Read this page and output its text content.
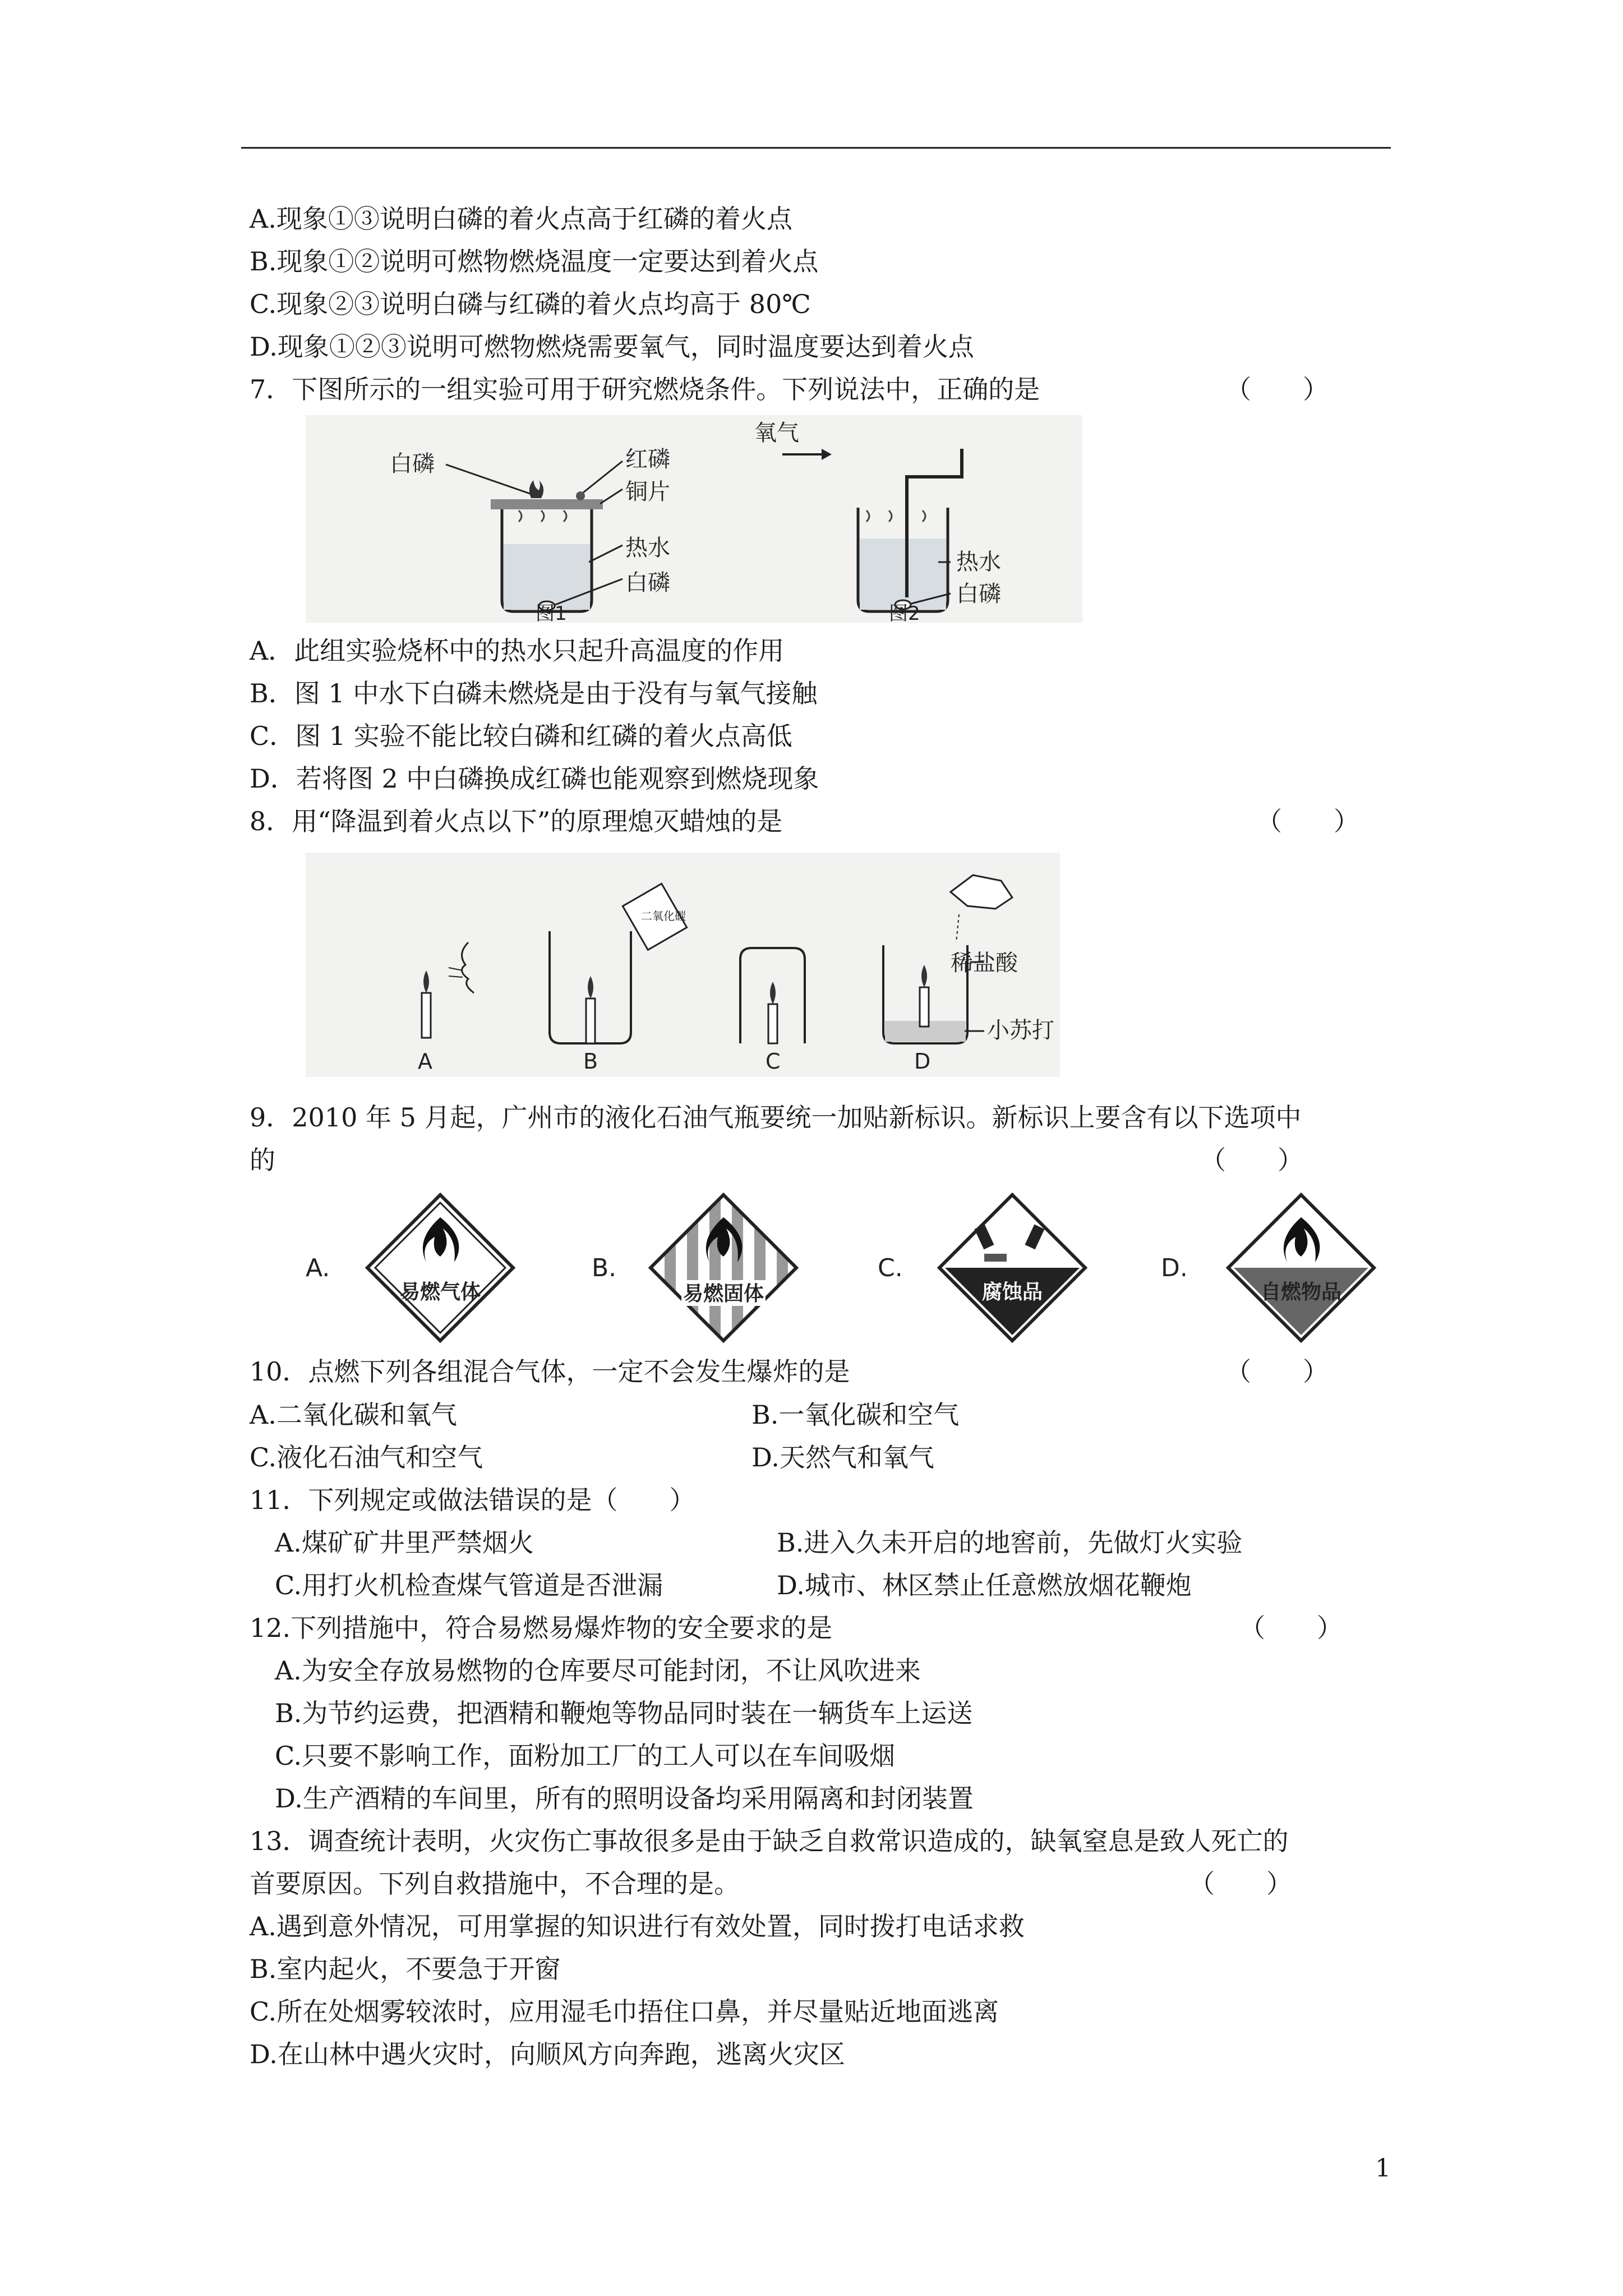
A.现象①③说明白磷的着火点高于红磷的着火点
B.现象①②说明可燃物燃烧温度一定要达到着火点
C.现象②③说明白磷与红磷的着火点均高于 80℃
D.现象①②③说明可燃物燃烧需要氧气，同时温度要达到着火点
7．下图所示的一组实验可用于研究燃烧条件。下列说法中，正确的是	（　　）
白磷	红磷
铜片
热水
白磷
图1
氧气
热水
白磷
图2
A．此组实验烧杯中的热水只起升高温度的作用
B．图 1 中水下白磷未燃烧是由于没有与氧气接触
C．图 1 实验不能比较白磷和红磷的着火点高低
D．若将图 2 中白磷换成红磷也能观察到燃烧现象
8．用“降温到着火点以下”的原理熄灭蜡烛的是	（　　）
A
二氧化碳
B	C
稀盐酸
小苏打
D
9．2010 年 5 月起，广州市的液化石油气瓶要统一加贴新标识。新标识上要含有以下选项中
的	（　　）
A.
易燃气体
B.
易燃固体
C.
腐蚀品
D.
自燃物品
10．点燃下列各组混合气体，一定不会发生爆炸的是	（　　）
A.二氧化碳和氧气	B.一氧化碳和空气
C.液化石油气和空气	D.天然气和氧气
11．下列规定或做法错误的是（　　）
A.煤矿矿井里严禁烟火	B.进入久未开启的地窖前，先做灯火实验
C.用打火机检查煤气管道是否泄漏	D.城市、林区禁止任意燃放烟花鞭炮
12.下列措施中，符合易燃易爆炸物的安全要求的是	（　　）
A.为安全存放易燃物的仓库要尽可能封闭，不让风吹进来
B.为节约运费，把酒精和鞭炮等物品同时装在一辆货车上运送
C.只要不影响工作，面粉加工厂的工人可以在车间吸烟
D.生产酒精的车间里，所有的照明设备均采用隔离和封闭装置
13．调查统计表明，火灾伤亡事故很多是由于缺乏自救常识造成的，缺氧窒息是致人死亡的
首要原因。下列自救措施中，不合理的是。	（　　）
A.遇到意外情况，可用掌握的知识进行有效处置，同时拨打电话求救
B.室内起火，不要急于开窗
C.所在处烟雾较浓时，应用湿毛巾捂住口鼻，并尽量贴近地面逃离
D.在山林中遇火灾时，向顺风方向奔跑，逃离火灾区
1
